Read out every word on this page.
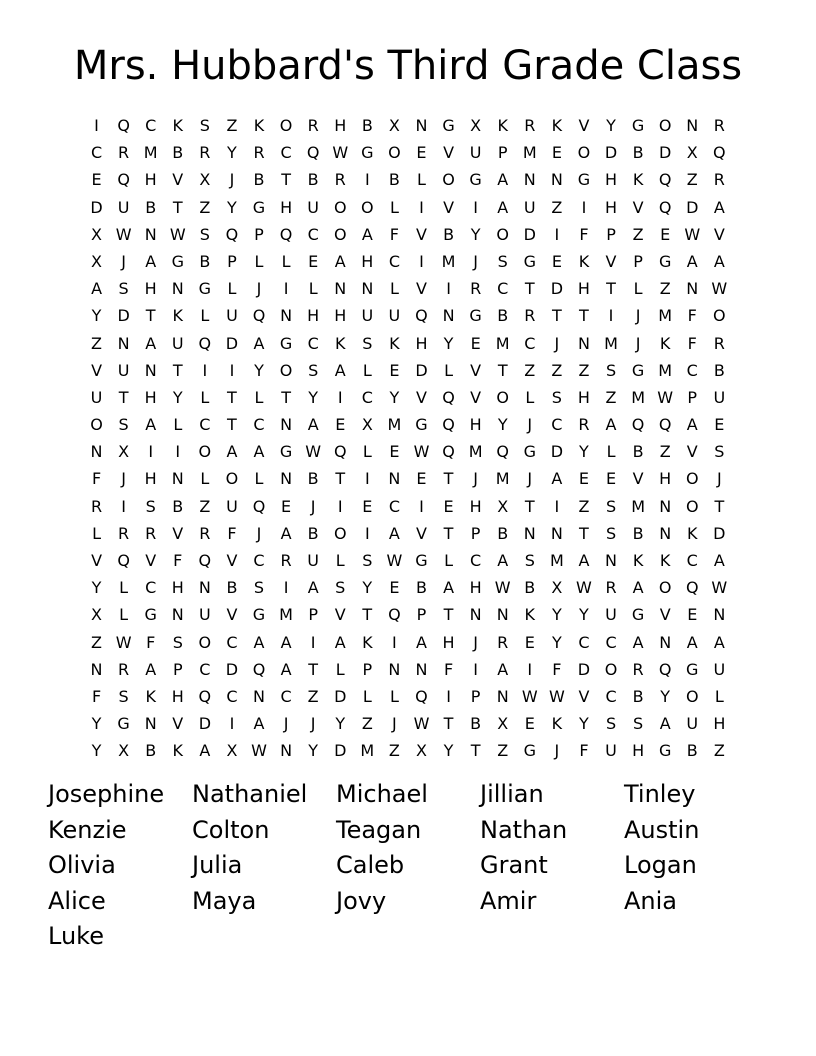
Mrs. Hubbard's Third Grade Class
I	Q C	K	S	Z	K O R H B	X N G X	K	R	K	V	Y G O N R
C R M B	R	Y	R C Q W G O E	V U	P M E O D B D X Q
E Q H V	X	J	B	T	B	R	I	B	L	O G A N N G H K Q Z	R
D U B	T	Z	Y G H U O O	L	I	V	I	A U Z	I	H V Q D A
X W N W S Q P Q C O A	F	V	B	Y O D	I	F	P	Z	E W V
X	J	A G B	P	L	L	E	A H C	I	M	J	S G E	K	V	P	G A	A
A	S H N G	L	J	I	L	N N	L	V	I	R C	T	D H	T	L	Z N W
Y	D	T	K	L	U Q N H H U U Q N G B	R	T	T	I	J	M F	O
Z N A U Q D A G C	K	S	K H	Y	E M C	J	N M	J	K	F	R
V U N	T	I	I	Y O S	A	L	E D	L	V	T	Z	Z	Z	S G M C	B
U	T	H	Y	L	T	L	T	Y	I	C	Y	V Q V O	L	S H Z M W P	U
O S	A	L	C	T	C N A	E	X M G Q H	Y	J	C R	A Q Q A	E
N X	I	I	O A	A G W Q	L	E W Q M Q G D	Y	L	B	Z	V	S
F	J	H N	L	O	L	N B	T	I	N	E	T	J	M	J	A	E	E	V H O	J
R	I	S	B	Z U Q E	J	I	E	C	I	E	H X	T	I	Z	S M N O T
L	R R	V	R	F	J	A	B O	I	A	V	T	P	B N N	T	S	B N K D
V Q V	F	Q V	C R U	L	S W G	L	C	A	S M A N K	K	C	A
Y	L	C H N B	S	I	A	S	Y	E	B	A H W B	X W R	A O Q W
X	L	G N U V G M P	V	T Q P	T	N N K	Y	Y	U G V	E	N
Z W F	S O C	A	A	I	A	K	I	A H	J	R	E	Y	C C	A N A	A
N R	A	P	C D Q A	T	L	P	N N	F	I	A	I	F	D O R Q G U
F	S	K H Q C N C	Z D	L	L	Q	I	P	N W W V	C	B	Y O	L
Y G N V D	I	A	J	J	Y	Z	J	W T	B	X	E	K	Y	S	S	A U H
Y	X	B	K	A	X W N	Y	D M Z	X	Y	T	Z G	J	F	U H G B	Z
Josephine	Nathaniel	Michael	Jillian	Tinley
Kenzie	Colton	Teagan	Nathan	Austin
Olivia	Julia	Caleb	Grant	Logan
Alice	Maya	Jovy	Amir	Ania
Luke
